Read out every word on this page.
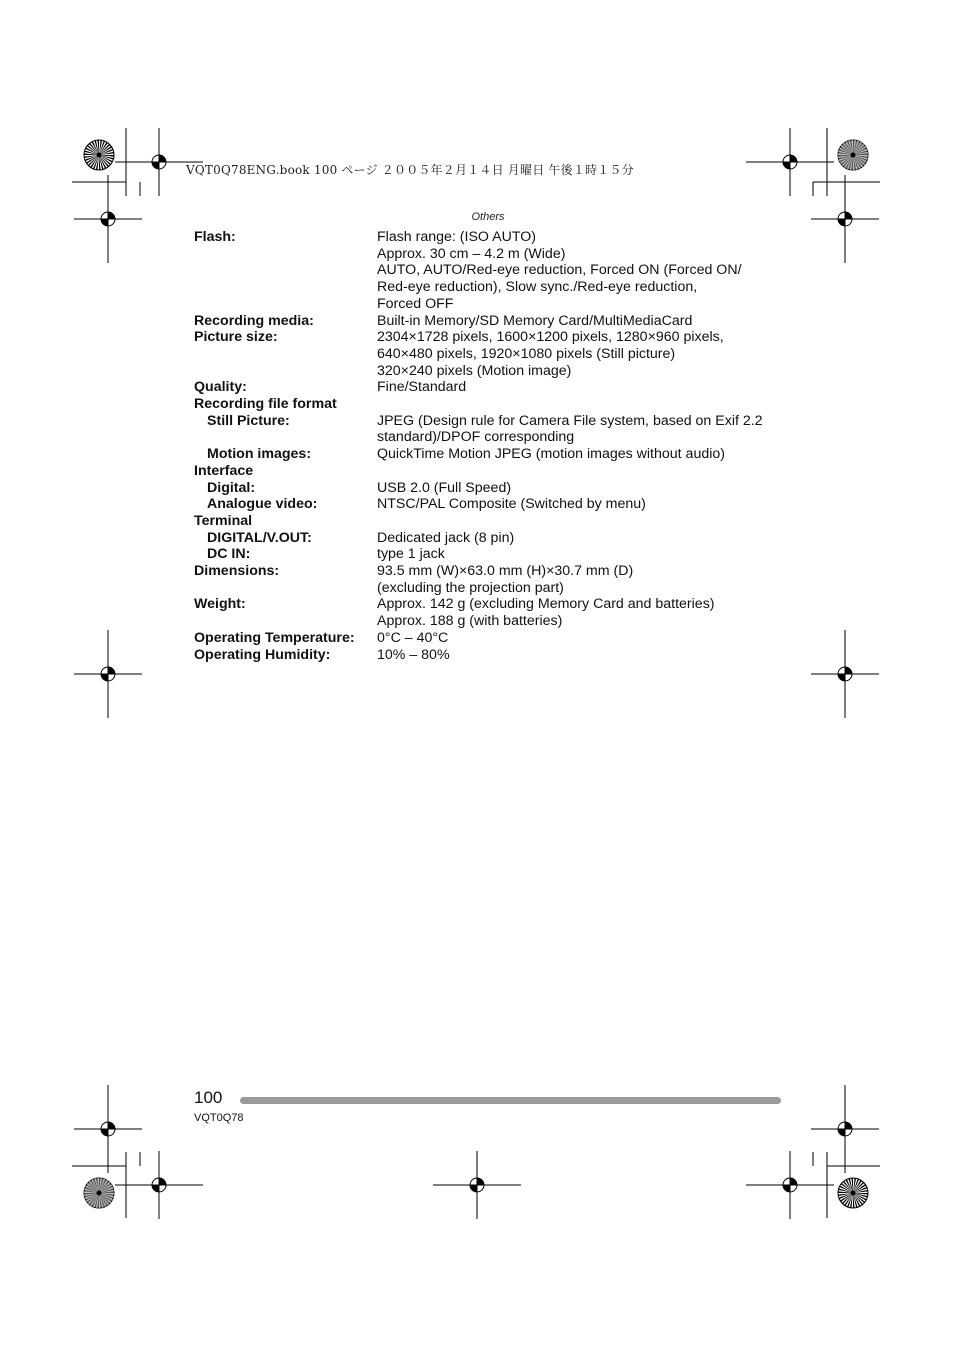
VQT0Q78ENG.book 100 ページ ２００５年２月１４日 月曜日 午後１時１５分
Others
Flash:	Flash range: (ISO AUTO)
Approx. 30 cm – 4.2 m (Wide)
AUTO, AUTO/Red-eye reduction, Forced ON (Forced ON/
Red-eye reduction), Slow sync./Red-eye reduction,
Forced OFF
Recording media:	Built-in Memory/SD Memory Card/MultiMediaCard
Picture size:	2304×1728 pixels, 1600×1200 pixels, 1280×960 pixels,
640×480 pixels, 1920×1080 pixels (Still picture)
320×240 pixels (Motion image)
Quality:	Fine/Standard
Recording file format

Still Picture:	JPEG (Design rule for Camera File system, based on Exif 2.2
standard)/DPOF corresponding
Motion images:	QuickTime Motion JPEG (motion images without audio)
Interface

Digital:	USB 2.0 (Full Speed)
Analogue video:	NTSC/PAL Composite (Switched by menu)
Terminal

DIGITAL/V.OUT:	Dedicated jack (8 pin)
DC IN:	type 1 jack
Dimensions:	93.5 mm (W)×63.0 mm (H)×30.7 mm (D)
(excluding the projection part)
Weight:	Approx. 142 g (excluding Memory Card and batteries)
Approx. 188 g (with batteries)
Operating Temperature:	0°C – 40°C
Operating Humidity:	10% – 80%
100
VQT0Q78
